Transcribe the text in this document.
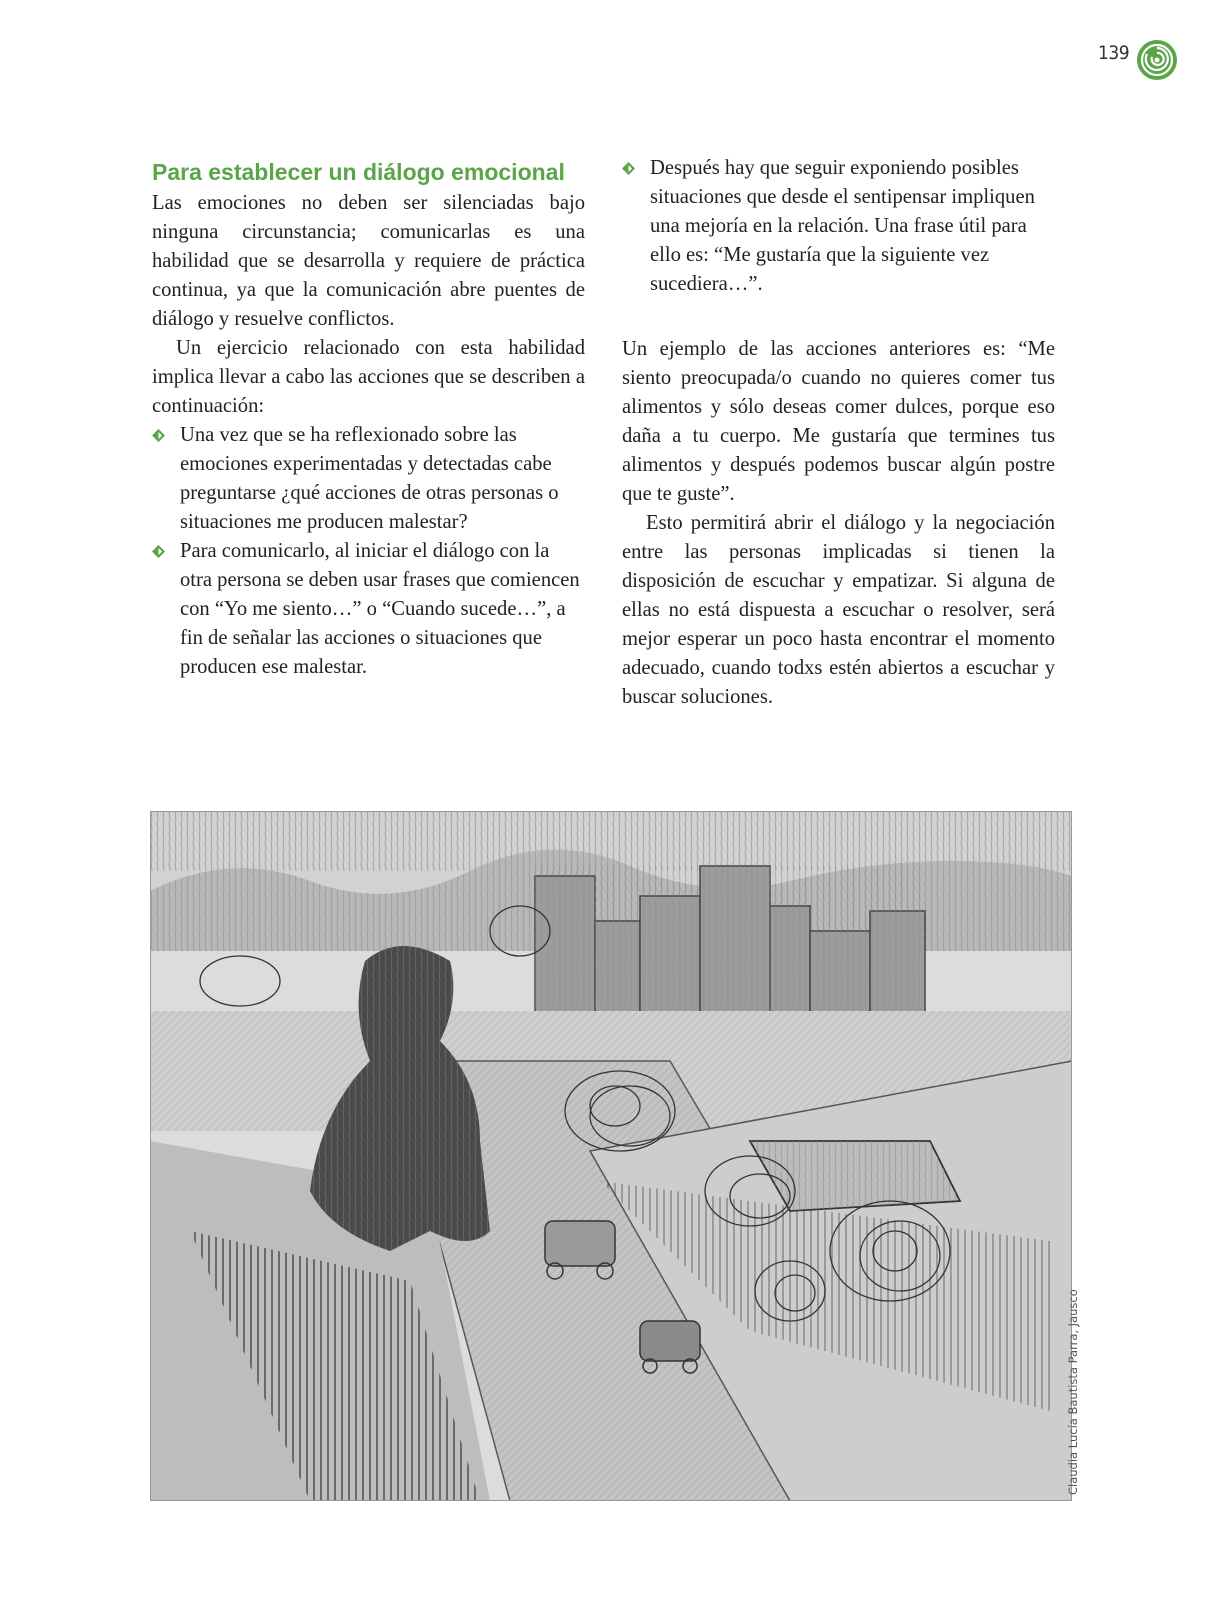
139
Para establecer un diálogo emocional

Las emociones no deben ser silenciadas bajo ninguna circunstancia; comunicarlas es una habilidad que se desarrolla y requiere de práctica continua, ya que la comunicación abre puentes de diálogo y resuelve conflictos.

Un ejercicio relacionado con esta habilidad implica llevar a cabo las acciones que se describen a continuación:

Una vez que se ha reflexionado sobre las emociones experimentadas y detectadas cabe preguntarse ¿qué acciones de otras personas o situaciones me producen malestar?
Para comunicarlo, al iniciar el diálogo con la otra persona se deben usar frases que comiencen con “Yo me siento…” o “Cuando sucede…”, a fin de señalar las acciones o situaciones que producen ese malestar.
Después hay que seguir exponiendo posibles situaciones que desde el sentipensar impliquen una mejoría en la relación. Una frase útil para ello es: “Me gustaría que la siguiente vez sucediera…”.

Un ejemplo de las acciones anteriores es: “Me siento preocupada/o cuando no quieres comer tus alimentos y sólo deseas comer dulces, porque eso daña a tu cuerpo. Me gustaría que termines tus alimentos y después podemos buscar algún postre que te guste”.

Esto permitirá abrir el diálogo y la negociación entre las personas implicadas si tienen la disposición de escuchar y empatizar. Si alguna de ellas no está dispuesta a escuchar o resolver, será mejor esperar un poco hasta encontrar el momento adecuado, cuando todxs estén abiertos a escuchar y buscar soluciones.

Claudia Lucía Bautista Parra, Jausco
